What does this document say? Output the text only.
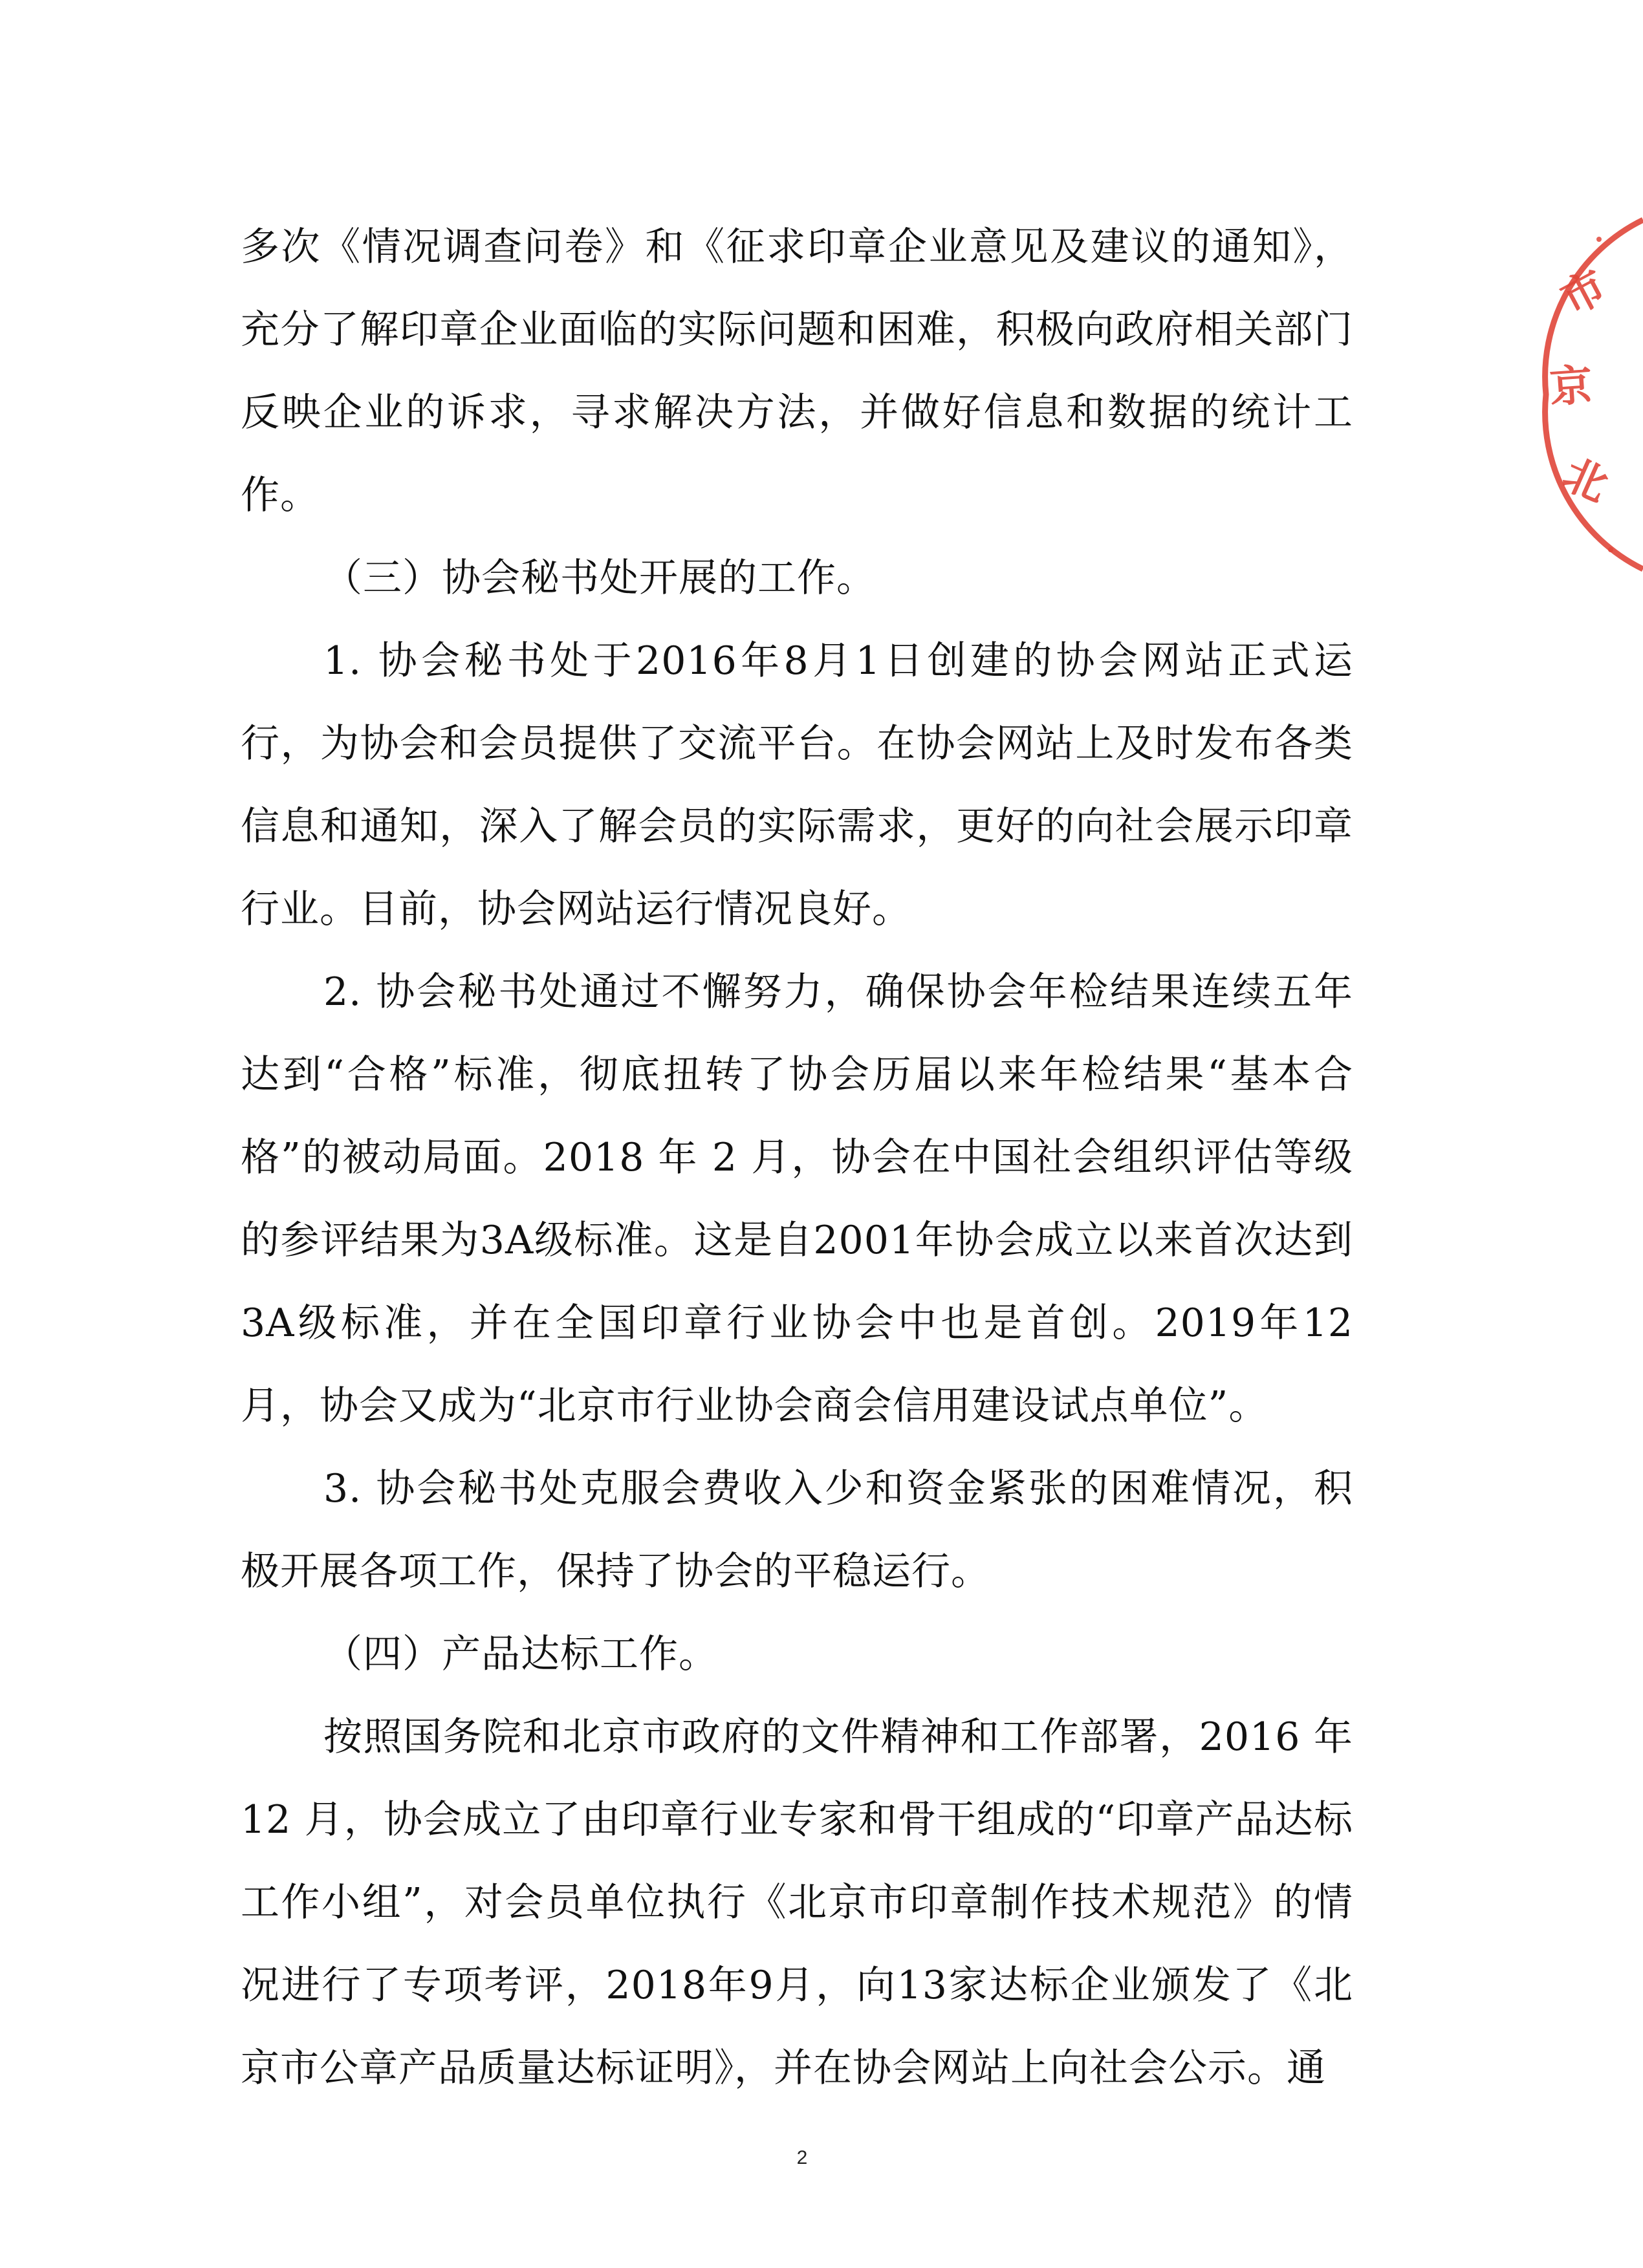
多次《情况调查问卷》和《征求印章企业意见及建议的通知》，充分了解印章企业面临的实际问题和困难，积极向政府相关部门反映企业的诉求，寻求解决方法，并做好信息和数据的统计工作。

（三）协会秘书处开展的工作。

1. 协会秘书处于2016年8月1日创建的协会网站正式运行，为协会和会员提供了交流平台。在协会网站上及时发布各类信息和通知，深入了解会员的实际需求，更好的向社会展示印章行业。目前，协会网站运行情况良好。

2. 协会秘书处通过不懈努力，确保协会年检结果连续五年达到“合格”标准，彻底扭转了协会历届以来年检结果“基本合格”的被动局面。2018 年 2 月，协会在中国社会组织评估等级的参评结果为3A级标准。这是自2001年协会成立以来首次达到3A级标准，并在全国印章行业协会中也是首创。2019年12月，协会又成为“北京市行业协会商会信用建设试点单位”。

3. 协会秘书处克服会费收入少和资金紧张的困难情况，积极开展各项工作，保持了协会的平稳运行。

（四）产品达标工作。

按照国务院和北京市政府的文件精神和工作部署，2016 年12 月，协会成立了由印章行业专家和骨干组成的“印章产品达标工作小组”，对会员单位执行《北京市印章制作技术规范》的情况进行了专项考评，2018年9月，向13家达标企业颁发了《北京市公章产品质量达标证明》，并在协会网站上向社会公示。通

市
京
北
2
